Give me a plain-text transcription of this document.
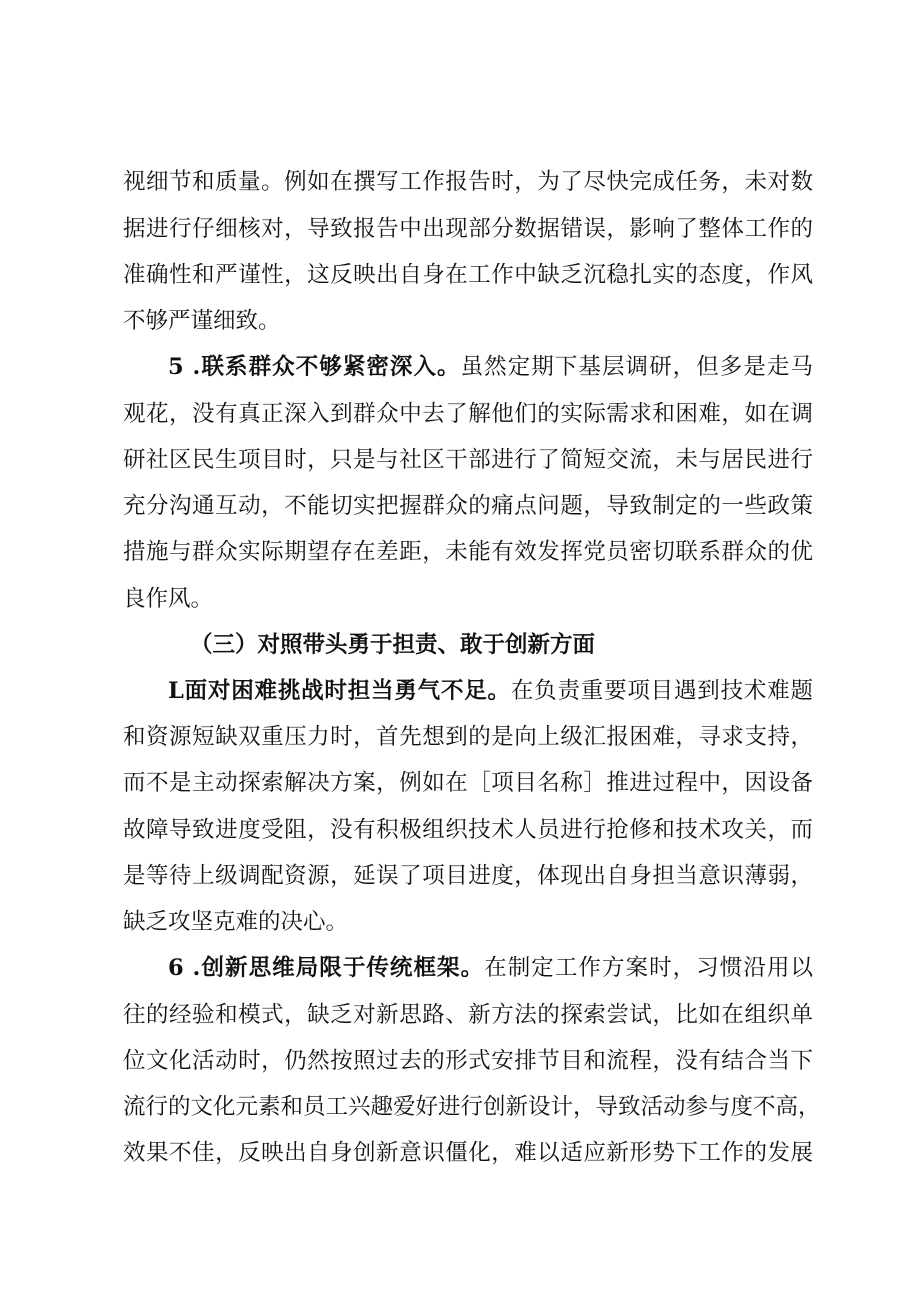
视细节和质量。例如在撰写工作报告时，为了尽快完成任务，未对数
据进行仔细核对，导致报告中出现部分数据错误，影响了整体工作的
准确性和严谨性，这反映出自身在工作中缺乏沉稳扎实的态度，作风
不够严谨细致。
5 .联系群众不够紧密深入。虽然定期下基层调研，但多是走马
观花，没有真正深入到群众中去了解他们的实际需求和困难，如在调
研社区民生项目时，只是与社区干部进行了简短交流，未与居民进行
充分沟通互动，不能切实把握群众的痛点问题，导致制定的一些政策
措施与群众实际期望存在差距，未能有效发挥党员密切联系群众的优
良作风。
（三）对照带头勇于担责、敢于创新方面
L面对困难挑战时担当勇气不足。在负责重要项目遇到技术难题
和资源短缺双重压力时，首先想到的是向上级汇报困难，寻求支持，
而不是主动探索解决方案，例如在［项目名称］推进过程中，因设备
故障导致进度受阻，没有积极组织技术人员进行抢修和技术攻关，而
是等待上级调配资源，延误了项目进度，体现出自身担当意识薄弱，
缺乏攻坚克难的决心。
6 .创新思维局限于传统框架。在制定工作方案时，习惯沿用以
往的经验和模式，缺乏对新思路、新方法的探索尝试，比如在组织单
位文化活动时，仍然按照过去的形式安排节目和流程，没有结合当下
流行的文化元素和员工兴趣爱好进行创新设计，导致活动参与度不高，
效果不佳，反映出自身创新意识僵化，难以适应新形势下工作的发展
